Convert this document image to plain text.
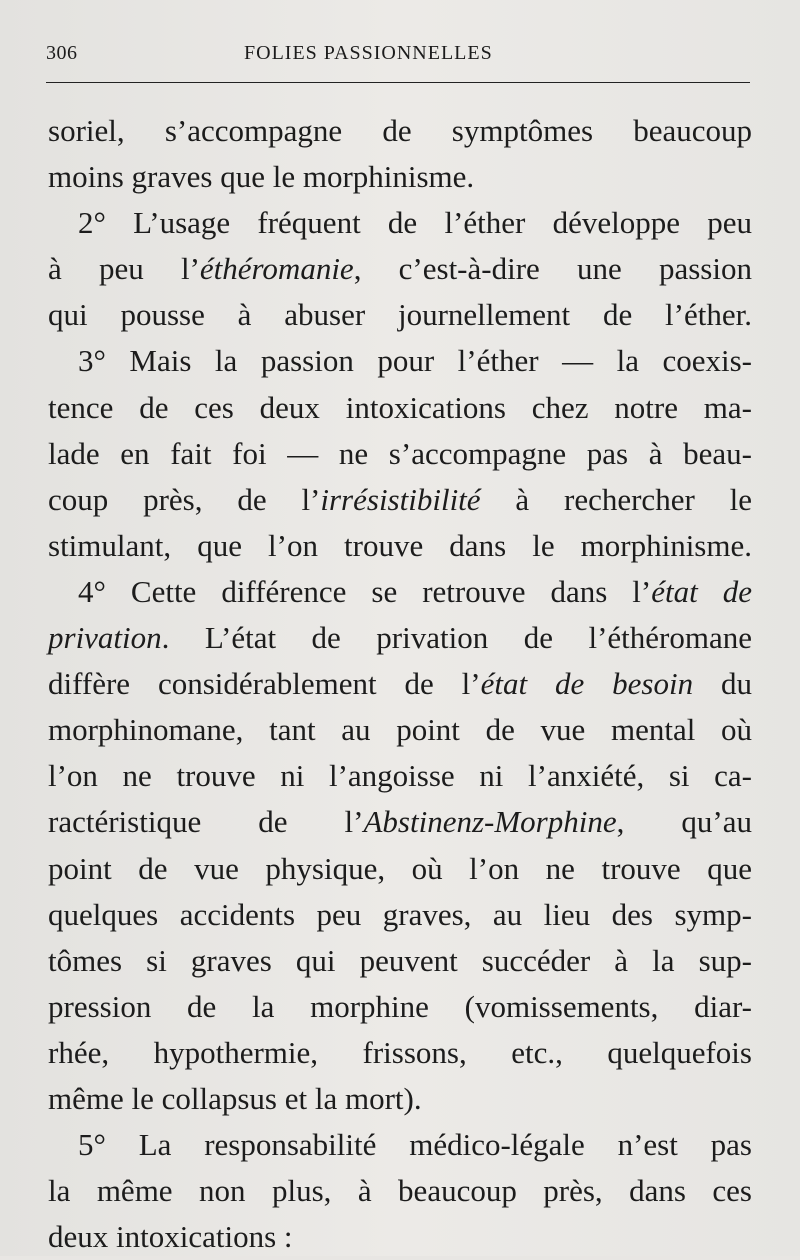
306	FOLIES PASSIONNELLES
soriel, s’accompagne de symptômes beaucoup
moins graves que le morphinisme.
2° L’usage fréquent de l’éther développe peu
à peu l’éthéromanie, c’est-à-dire une passion
qui pousse à abuser journellement de l’éther.
3° Mais la passion pour l’éther — la coexis-
tence de ces deux intoxications chez notre ma-
lade en fait foi — ne s’accompagne pas à beau-
coup près, de l’irrésistibilité à rechercher le
stimulant, que l’on trouve dans le morphinisme.
4° Cette différence se retrouve dans l’état de
privation. L’état de privation de l’éthéromane
diffère considérablement de l’état de besoin du
morphinomane, tant au point de vue mental où
l’on ne trouve ni l’angoisse ni l’anxiété, si ca-
ractéristique de l’Abstinenz-Morphine, qu’au
point de vue physique, où l’on ne trouve que
quelques accidents peu graves, au lieu des symp-
tômes si graves qui peuvent succéder à la sup-
pression de la morphine (vomissements, diar-
rhée, hypothermie, frissons, etc., quelquefois
même le collapsus et la mort).
5° La responsabilité médico-légale n’est pas
la même non plus, à beaucoup près, dans ces
deux intoxications :
